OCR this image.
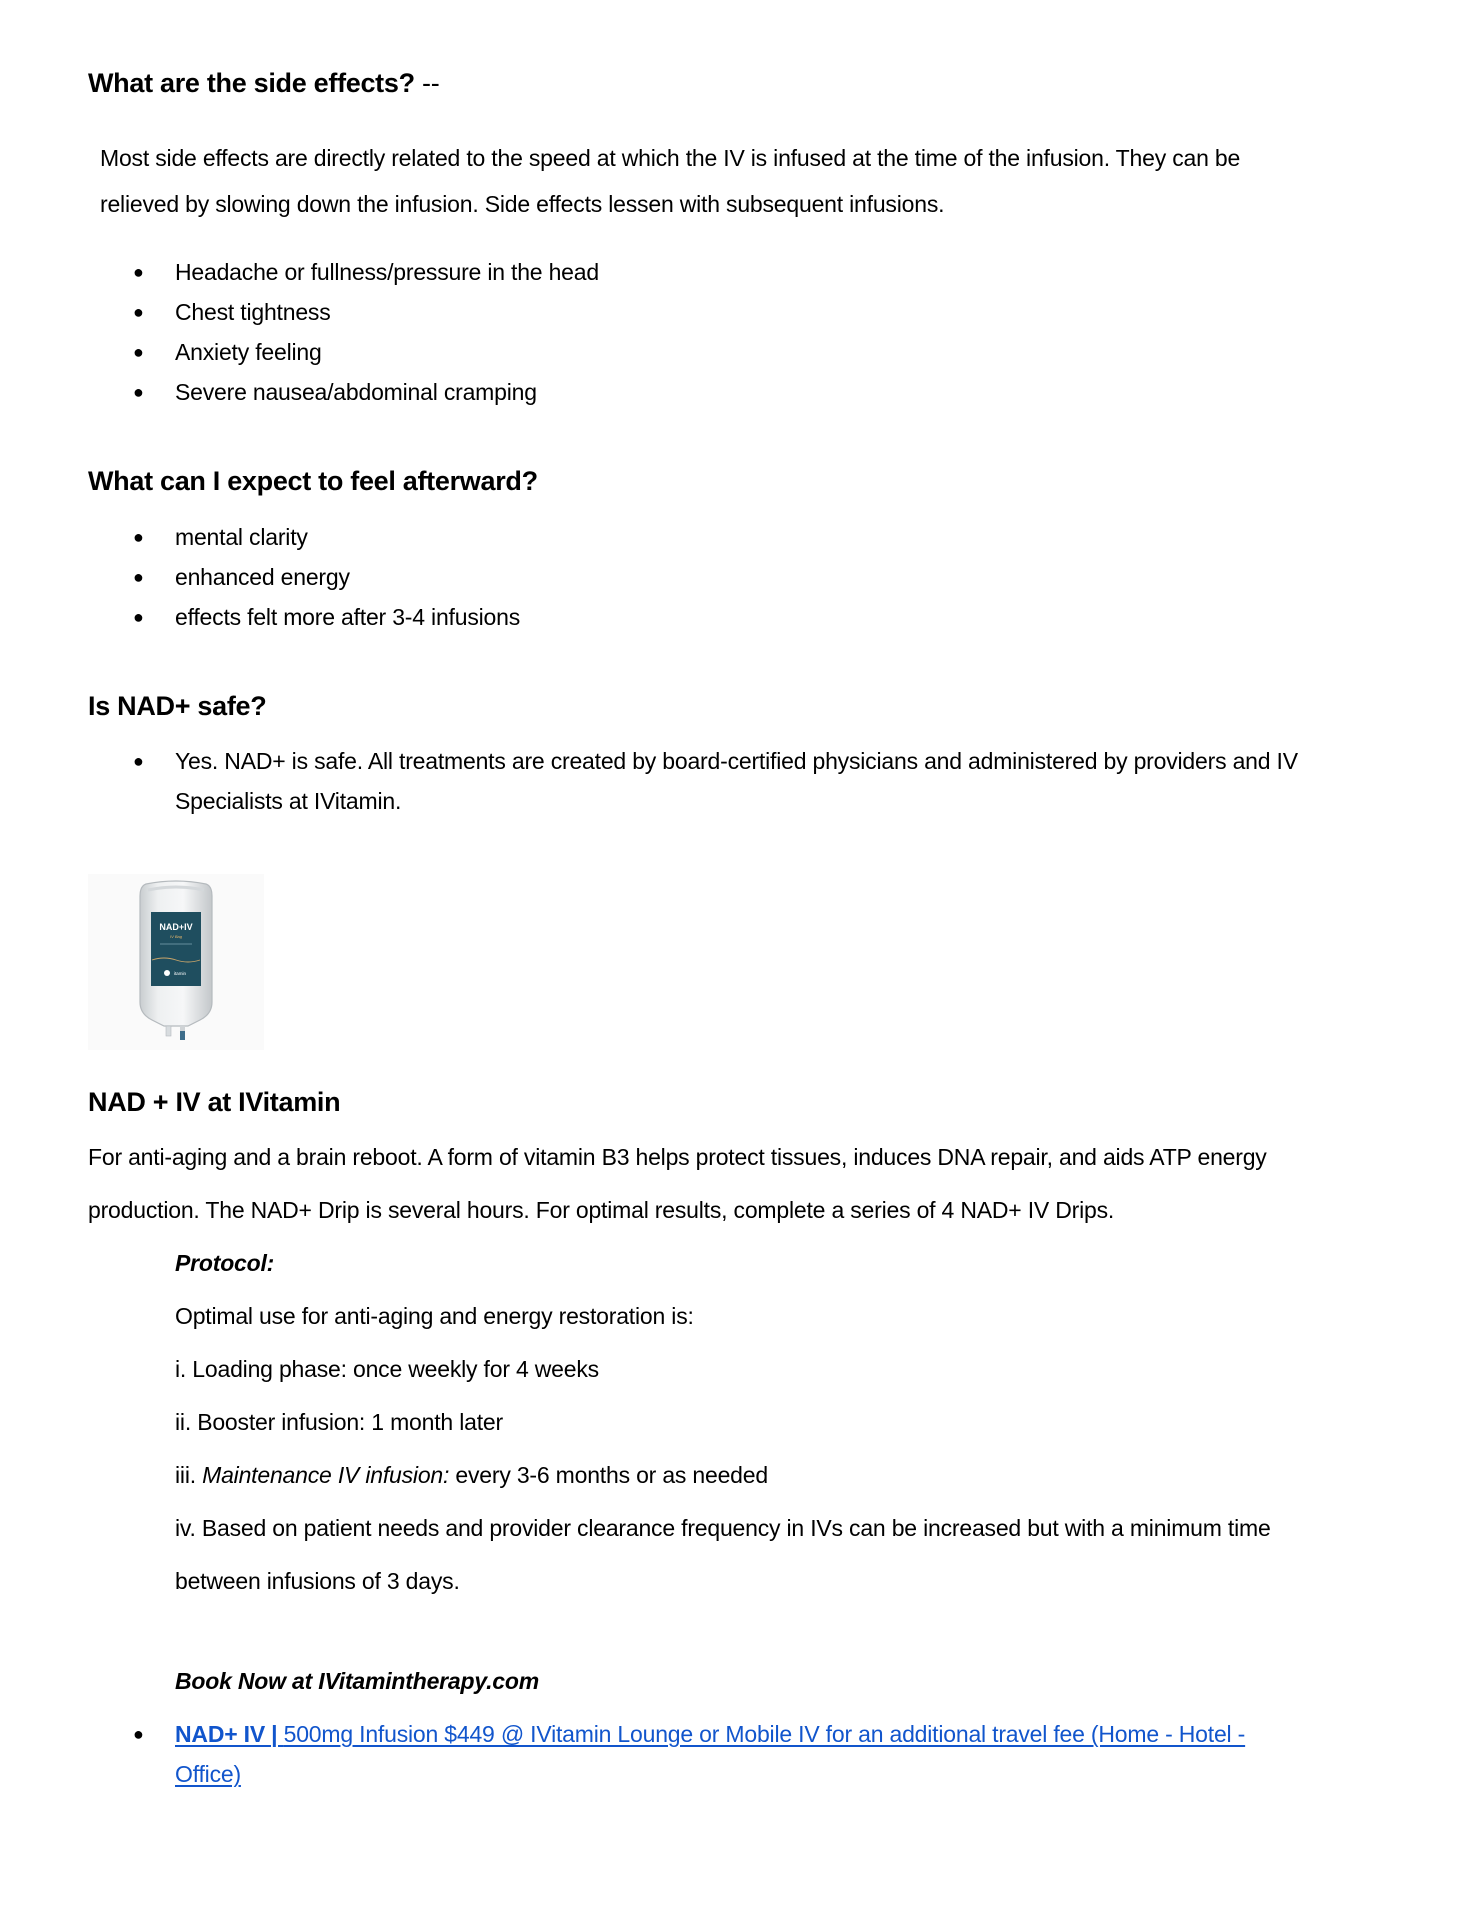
What are the side effects? --
Most side effects are directly related to the speed at which the IV is infused at the time of the infusion. They can be
relieved by slowing down the infusion. Side effects lessen with subsequent infusions.
● Headache or fullness/pressure in the head
● Chest tightness
● Anxiety feeling
● Severe nausea/abdominal cramping
What can I expect to feel afterward?
● mental clarity
● enhanced energy
● effects felt more after 3-4 infusions
Is NAD+ safe?
● Yes. NAD+ is safe. All treatments are created by board-certified physicians and administered by providers and IV
Specialists at IVitamin.
NAD+IV
IV Bag
itamin
NAD + IV at IVitamin
For anti-aging and a brain reboot. A form of vitamin B3 helps protect tissues, induces DNA repair, and aids ATP energy
production. The NAD+ Drip is several hours. For optimal results, complete a series of 4 NAD+ IV Drips.
Protocol:
Optimal use for anti-aging and energy restoration is:
i. Loading phase: once weekly for 4 weeks
ii. Booster infusion: 1 month later
iii. Maintenance IV infusion: every 3-6 months or as needed
iv. Based on patient needs and provider clearance frequency in IVs can be increased but with a minimum time
between infusions of 3 days.
Book Now at IVitamintherapy.com
● NAD+ IV | 500mg Infusion $449 @ IVitamin Lounge or Mobile IV for an additional travel fee (Home - Hotel -
Office)
